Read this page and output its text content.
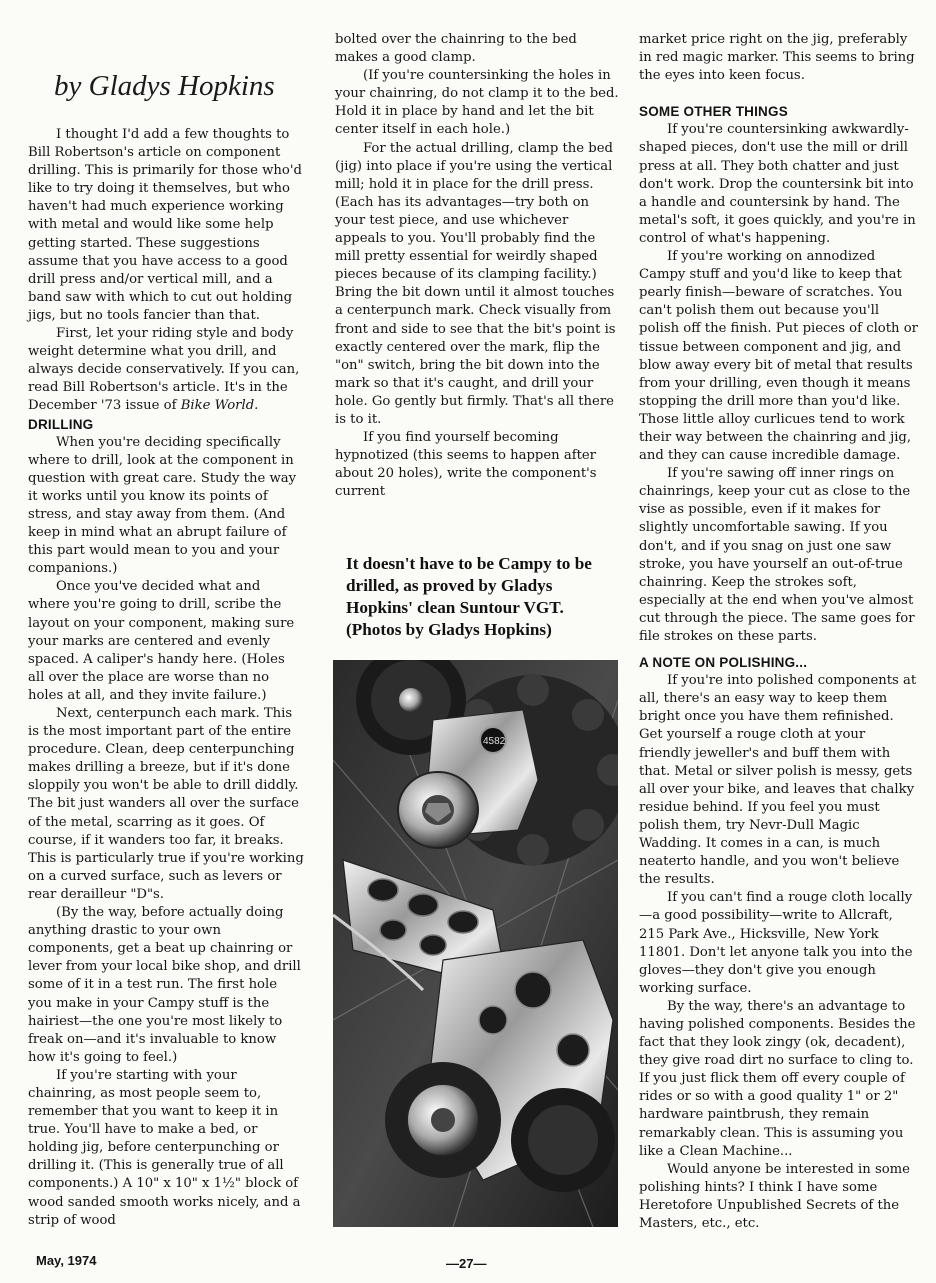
by Gladys Hopkins

I thought I'd add a few thoughts to Bill Robertson's article on component drilling. This is primarily for those who'd like to try doing it themselves, but who haven't had much experience working with metal and would like some help getting started. These suggestions assume that you have access to a good drill press and/or vertical mill, and a band saw with which to cut out holding jigs, but no tools fancier than that.

First, let your riding style and body weight determine what you drill, and always decide conservatively. If you can, read Bill Robertson's article. It's in the December '73 issue of Bike World.

DRILLING

When you're deciding specifically where to drill, look at the component in question with great care. Study the way it works until you know its points of stress, and stay away from them. (And keep in mind what an abrupt failure of this part would mean to you and your companions.)

Once you've decided what and where you're going to drill, scribe the layout on your component, making sure your marks are centered and evenly spaced. A caliper's handy here. (Holes all over the place are worse than no holes at all, and they invite failure.)

Next, centerpunch each mark. This is the most important part of the entire procedure. Clean, deep centerpunching makes drilling a breeze, but if it's done sloppily you won't be able to drill diddly. The bit just wanders all over the surface of the metal, scarring as it goes. Of course, if it wanders too far, it breaks. This is particularly true if you're working on a curved surface, such as levers or rear derailleur "D"s.

(By the way, before actually doing anything drastic to your own components, get a beat up chainring or lever from your local bike shop, and drill some of it in a test run. The first hole you make in your Campy stuff is the hairiest—the one you're most likely to freak on—and it's invaluable to know how it's going to feel.)

If you're starting with your chainring, as most people seem to, remember that you want to keep it in true. You'll have to make a bed, or holding jig, before centerpunching or drilling it. (This is generally true of all components.) A 10" x 10" x 1½" block of wood sanded smooth works nicely, and a strip of wood

bolted over the chainring to the bed makes a good clamp.

(If you're countersinking the holes in your chainring, do not clamp it to the bed. Hold it in place by hand and let the bit center itself in each hole.)

For the actual drilling, clamp the bed (jig) into place if you're using the vertical mill; hold it in place for the drill press. (Each has its advantages—try both on your test piece, and use whichever appeals to you. You'll probably find the mill pretty essential for weirdly shaped pieces because of its clamping facility.) Bring the bit down until it almost touches a centerpunch mark. Check visually from front and side to see that the bit's point is exactly centered over the mark, flip the "on" switch, bring the bit down into the mark so that it's caught, and drill your hole. Go gently but firmly. That's all there is to it.

If you find yourself becoming hypnotized (this seems to happen after about 20 holes), write the component's current

It doesn't have to be Campy to be drilled, as proved by Gladys Hopkins' clean Suntour VGT. (Photos by Gladys Hopkins)
4582

market price right on the jig, preferably in red magic marker. This seems to bring the eyes into keen focus.

SOME OTHER THINGS

If you're countersinking awkwardly-shaped pieces, don't use the mill or drill press at all. They both chatter and just don't work. Drop the countersink bit into a handle and countersink by hand. The metal's soft, it goes quickly, and you're in control of what's happening.

If you're working on annodized Campy stuff and you'd like to keep that pearly finish—beware of scratches. You can't polish them out because you'll polish off the finish. Put pieces of cloth or tissue between component and jig, and blow away every bit of metal that results from your drilling, even though it means stopping the drill more than you'd like. Those little alloy curlicues tend to work their way between the chainring and jig, and they can cause incredible damage.

If you're sawing off inner rings on chainrings, keep your cut as close to the vise as possible, even if it makes for slightly uncomfortable sawing. If you don't, and if you snag on just one saw stroke, you have yourself an out-of-true chainring. Keep the strokes soft, especially at the end when you've almost cut through the piece. The same goes for file strokes on these parts.

A NOTE ON POLISHING...

If you're into polished components at all, there's an easy way to keep them bright once you have them refinished. Get yourself a rouge cloth at your friendly jeweller's and buff them with that. Metal or silver polish is messy, gets all over your bike, and leaves that chalky residue behind. If you feel you must polish them, try Nevr-Dull Magic Wadding. It comes in a can, is much neaterto handle, and you won't believe the results.

If you can't find a rouge cloth locally—a good possibility—write to Allcraft, 215 Park Ave., Hicksville, New York 11801. Don't let anyone talk you into the gloves—they don't give you enough working surface.

By the way, there's an advantage to having polished components. Besides the fact that they look zingy (ok, decadent), they give road dirt no surface to cling to. If you just flick them off every couple of rides or so with a good quality 1" or 2" hardware paintbrush, they remain remarkably clean. This is assuming you like a Clean Machine...

Would anyone be interested in some polishing hints? I think I have some Heretofore Unpublished Secrets of the Masters, etc., etc.

May, 1974	—27—
